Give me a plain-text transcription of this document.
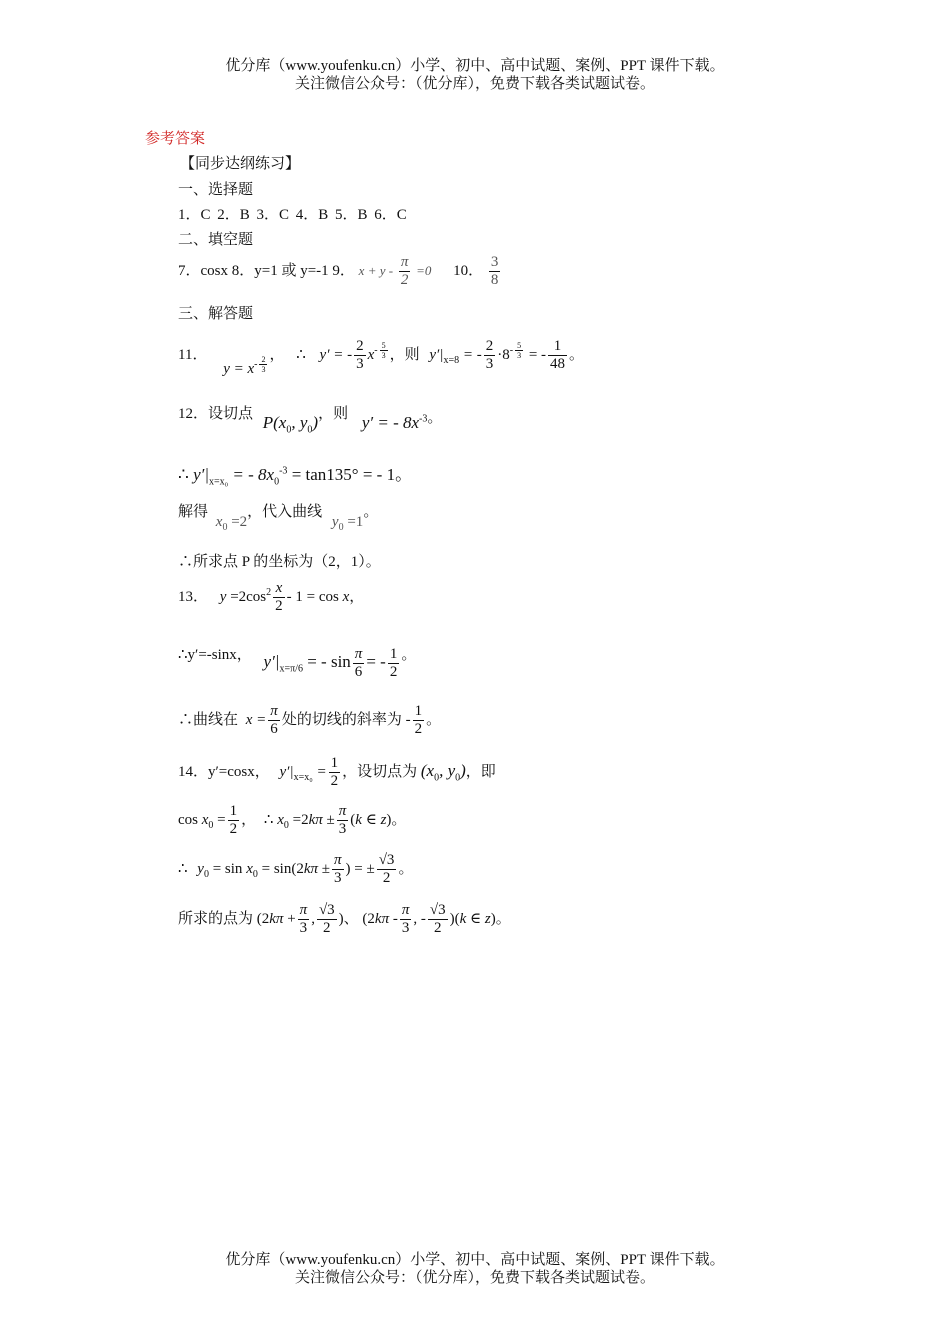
优分库（www.youfenku.cn）小学、初中、高中试题、案例、PPT 课件下载。
关注微信公众号：（优分库），免费下载各类试题试卷。
参考答案
【同步达纲练习】
一、选择题
1．C 2．B 3．C 4．B 5．B 6．C
二、填空题
7．cosx 8．y=1 或 y=-1 9． $x + y - \frac{\pi}{2} =0$ 10． $\frac{3}{8}$
三、解答题
11． $y = x^{- \frac{2}{3}}$
， ∴ y′ = - $\frac{2}{3} x^{- \frac{5}{3}}$ ，则 $y'|_{x=8}$ = - $\frac{2}{3} \cdot 8^{- \frac{5}{3}}$ = - $\frac{1}{48}$ 。
12．设切点 $P(x_0$, $y_0$)，则 y′ = - $8x^{-3}$。
∴ $y'|_{x=x_0}$ = - $8x_0^{-3} = \tan 135^\circ$ = - 1。
解得 $x_0 =2$，代入曲线 $y_0 =1$。
∴所求点 P 的坐标为（2，1）。
13． $y =2\cos^2 \frac{x}{2} - 1 = \cos x$，
∴y′=-sinx， $y'|_{x=\pi/6}$ = - $\sin \frac{\pi}{6}$ = - $\frac{1}{2}$ 。
∴曲线在 $x = \frac{\pi}{6}$ 处的切线的斜率为 - $\frac{1}{2}$ 。
14．y′=cosx， $y'|_{x=x_0} = \frac{1}{2}$ ，设切点为 ($x_0$, $y_0$)，即
$\cos x_0 = \frac{1}{2}$ ， ∴ $x_0 =2k\pi \pm \frac{\pi}{3} (k$ ∈ z)。
∴ $y_0 = \sin x_0 = \sin(2k\pi \pm \frac{\pi}{3}$ ) = ± $\frac{√3}{2}$ 。
所求的点为 ($2k\pi + \frac{\pi}{3}$ , $\frac{√3}{2}$ )、 ($2k\pi - \frac{\pi}{3}$ , - $\frac{√3}{2} )(k$ ∈ z)。
优分库（www.youfenku.cn）小学、初中、高中试题、案例、PPT 课件下载。
关注微信公众号：（优分库），免费下载各类试题试卷。
